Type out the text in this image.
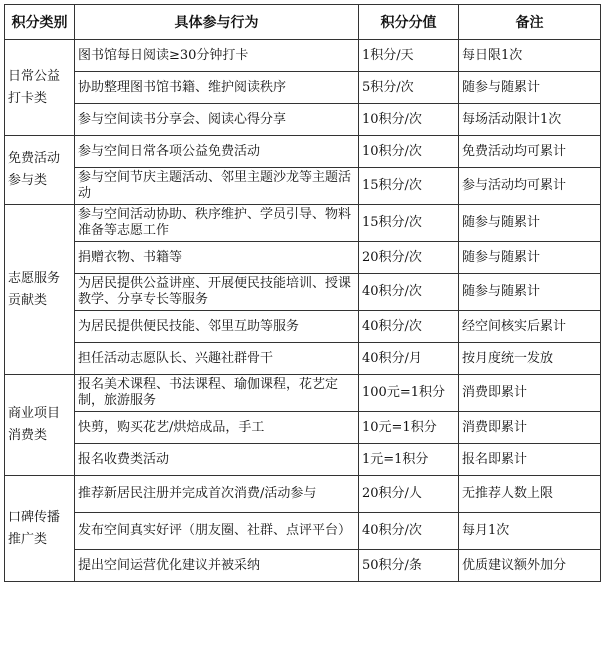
积分类别	具体参与行为	积分分值	备注
日常公益打卡类	图书馆每日阅读≥30分钟打卡	1积分/天	每日限1次
	协助整理图书馆书籍、维护阅读秩序	5积分/次	随参与随累计
	参与空间读书分享会、阅读心得分享	10积分/次	每场活动限计1次
免费活动参与类	参与空间日常各项公益免费活动	10积分/次	免费活动均可累计
	参与空间节庆主题活动、邻里主题沙龙等主题活动	15积分/次	参与活动均可累计
志愿服务贡献类	参与空间活动协助、秩序维护、学员引导、物料准备等志愿工作	15积分/次	随参与随累计
	捐赠衣物、书籍等	20积分/次	随参与随累计
	为居民提供公益讲座、开展便民技能培训、授课教学、分享专长等服务	40积分/次	随参与随累计
	为居民提供便民技能、邻里互助等服务	40积分/次	经空间核实后累计
	担任活动志愿队长、兴趣社群骨干	40积分/月	按月度统一发放
商业项目消费类	报名美术课程、书法课程、瑜伽课程，花艺定制，旅游服务	100元=1积分	消费即累计
	快剪，购买花艺/烘焙成品，手工	10元=1积分	消费即累计
	报名收费类活动	1元=1积分	报名即累计
口碑传播推广类	推荐新居民注册并完成首次消费/活动参与	20积分/人	无推荐人数上限
	发布空间真实好评（朋友圈、社群、点评平台）	40积分/次	每月1次
	提出空间运营优化建议并被采纳	50积分/条	优质建议额外加分
